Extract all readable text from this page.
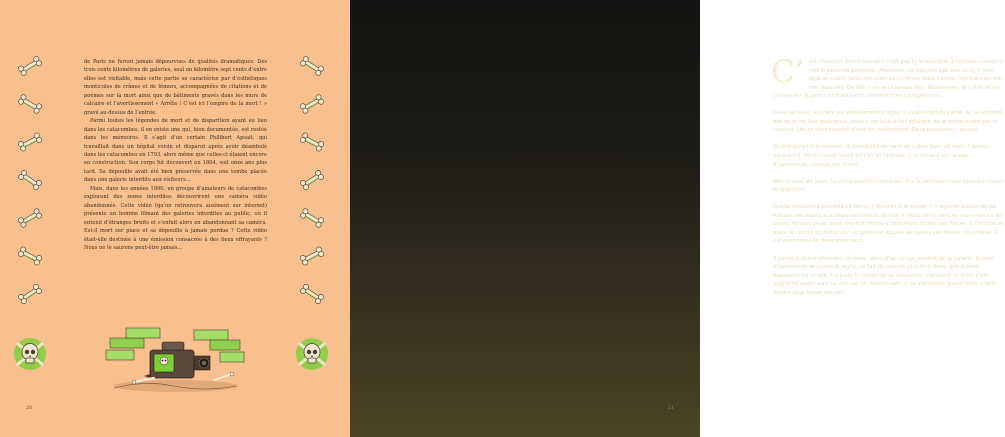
de Paris ne furent jamais dépourvues de qualités dramatiques. Des trois cents kilomètres de galeries, seul un kilomètre sept cents d’entre elles est visitable, mais cette partie se caractérise par d’esthétiques monticules de crânes et de fémurs, accompagnées de citations et de poèmes sur la mort ainsi que de bâtiments gravés dans les murs de calcaire et l’avertissement « Arrête ! C’est ici l’empire de la mort ! » gravé au-dessus de l’entrée.

Parmi toutes les légendes de mort et de disparition ayant eu lieu dans les catacombes, il en existe une qui, bien documentée, est restée dans les mémoires. Il s’agit d’un certain Philibert Apsait, qui travaillait dans un hôpital voisin et disparut après avoir déambulé dans les catacombes en 1793, alors même que celles-ci étaient encore en construction. Son corps fut découvert en 1804, soit onze ans plus tard. Sa dépouille avait été bien préservée dans une tombe placée dans une galerie interdite aux visiteurs…

Mais, dans les années 1990, un groupe d’amateurs de catacombes explorant des zones interdites découvrirent une caméra vidéo abandonnée. Cette vidéo (qu’on retrouvera aisément sur internet) présente un homme filmant des galeries interdites au public, où il entend d’étranges bruits et s’enfuit alors en abandonnant sa caméra. Est-il mort sur place et sa dépouille à jamais perdue ? Cette vidéo était-elle destinée à une émission consacrée à des lieux effrayants ? Nous ne le saurons peut-être jamais…

20

C’ est vraiment dommage qu’il n’ait pas lu la pancarte à l’entrée. Lorsqu’il voit la seconde pancarte (Attention, ne touchez pas aux os !), il tient déjà un crâne dans une main et un fémur dans l’autre. Son français est très mauvais. De fait, il ne sera jamais bon. Néanmoins, le crâne et les croisés sur la pancarte traduisent clairement sa transgression.

Dans sa main, le crâne est étonnamment léger. Il avait entendu parler de la légèreté des os et de leur résistance, mais il est tout à fait différent de le comprendre par le toucher. Les os sont couvert d’une fin revêtement. De la poussière… ou pas.

Quand aura-t-il à nouveau la possibilité de tenir un crâne dans sa main ? Jamais, espère-t-il. Après l’avoir lancé en l’air et rattrapé, il le replace sur la pile d’ossements, classés par types.

Même sans les yeux, le crâne semble l’observer. Il a le sentiment que tous les crânes le regardent.

Quelle résistance possède ce fémur ? Pourrait-il le casser ? Il regarde autour de lui. Plaçant ses mains aux deux extrémités de l’os, il tente de le rompre, mais rien ne se passe. Nouvel essai, sans résultat. Mettant désormais toutes ses forces, il s’incline et place le centre du fémur sur un genou et appuie de toutes ses forces. Un craque. Il est désormais en deux morceaux.

Il pense d’abord entendre un écho. Venu d’un virage sombre de la galerie, le bruit d’ossements se poursuit, enfle, se fait de plus en plus fort. Alors que le bruit débouche du virage, il a juste le temps de se demander comment ce bruit s’est agglutiné avant qu’il ne soit sur lui. Maintenant, il va apprendre quelle force il faut mettre pour briser ses os !

21
